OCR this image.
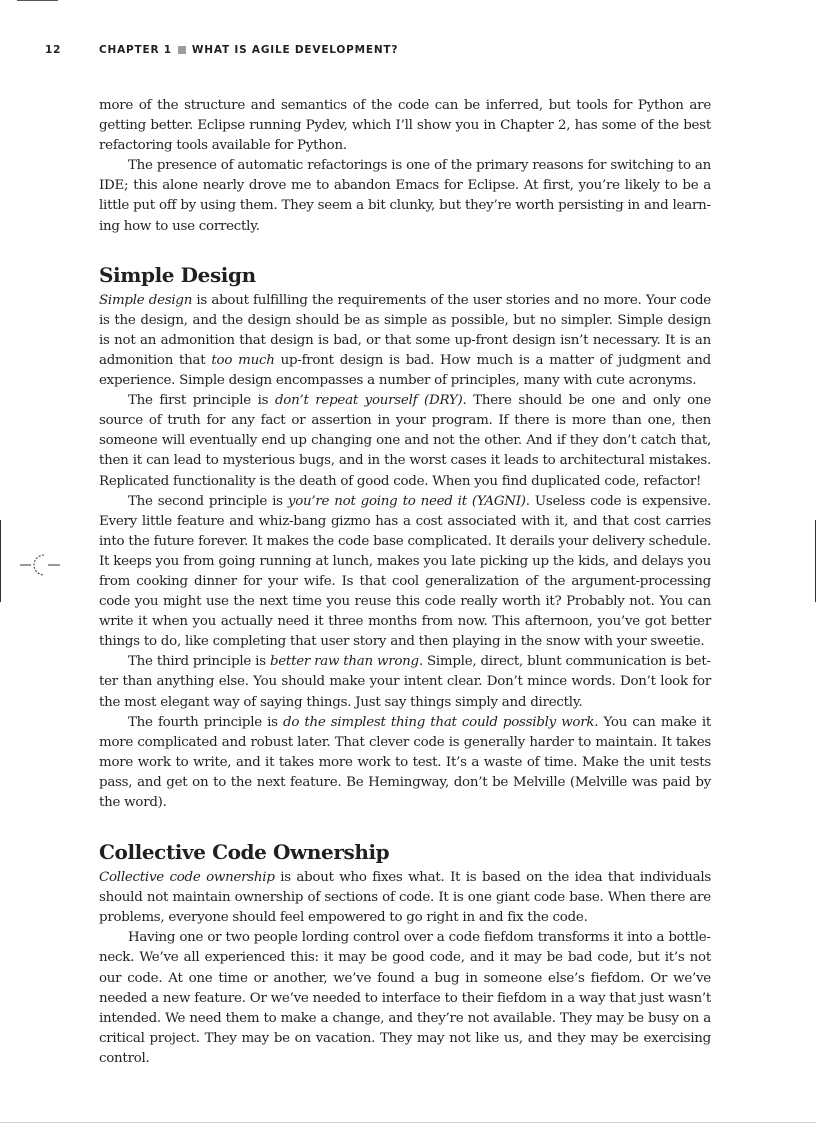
12	CHAPTER 1 WHAT IS AGILE DEVELOPMENT?

more of the structure and semantics of the code can be inferred, but tools for Python are getting better. Eclipse running Pydev, which I’ll show you in Chapter 2, has some of the best refactoring tools available for Python.

The presence of automatic refactorings is one of the primary reasons for switching to an IDE; this alone nearly drove me to abandon Emacs for Eclipse. At first, you’re likely to be a little put off by using them. They seem a bit clunky, but they’re worth persisting in and learning how to use correctly.

Simple Design

Simple design is about fulfilling the requirements of the user stories and no more. Your code is the design, and the design should be as simple as possible, but no simpler. Simple design is not an admonition that design is bad, or that some up-front design isn’t necessary. It is an admonition that too much up-front design is bad. How much is a matter of judgment and experience. Simple design encompasses a number of principles, many with cute acronyms.

The first principle is don’t repeat yourself (DRY). There should be one and only one source of truth for any fact or assertion in your program. If there is more than one, then someone will eventually end up changing one and not the other. And if they don’t catch that, then it can lead to mysterious bugs, and in the worst cases it leads to architectural mistakes. Replicated functionality is the death of good code. When you find duplicated code, refactor!

The second principle is you’re not going to need it (YAGNI). Useless code is expensive. Every little feature and whiz-bang gizmo has a cost associated with it, and that cost carries into the future forever. It makes the code base complicated. It derails your delivery schedule. It keeps you from going running at lunch, makes you late picking up the kids, and delays you from cooking dinner for your wife. Is that cool generalization of the argument-processing code you might use the next time you reuse this code really worth it? Probably not. You can write it when you actually need it three months from now. This afternoon, you’ve got better things to do, like completing that user story and then playing in the snow with your sweetie.

The third principle is better raw than wrong. Simple, direct, blunt communication is better than anything else. You should make your intent clear. Don’t mince words. Don’t look for the most elegant way of saying things. Just say things simply and directly.

The fourth principle is do the simplest thing that could possibly work. You can make it more complicated and robust later. That clever code is generally harder to maintain. It takes more work to write, and it takes more work to test. It’s a waste of time. Make the unit tests pass, and get on to the next feature. Be Hemingway, don’t be Melville (Melville was paid by the word).

Collective Code Ownership

Collective code ownership is about who fixes what. It is based on the idea that individuals should not maintain ownership of sections of code. It is one giant code base. When there are problems, everyone should feel empowered to go right in and fix the code.

Having one or two people lording control over a code fiefdom transforms it into a bottleneck. We’ve all experienced this: it may be good code, and it may be bad code, but it’s not our code. At one time or another, we’ve found a bug in someone else’s fiefdom. Or we’ve needed a new feature. Or we’ve needed to interface to their fiefdom in a way that just wasn’t intended. We need them to make a change, and they’re not available. They may be busy on a critical project. They may be on vacation. They may not like us, and they may be exercising control.
